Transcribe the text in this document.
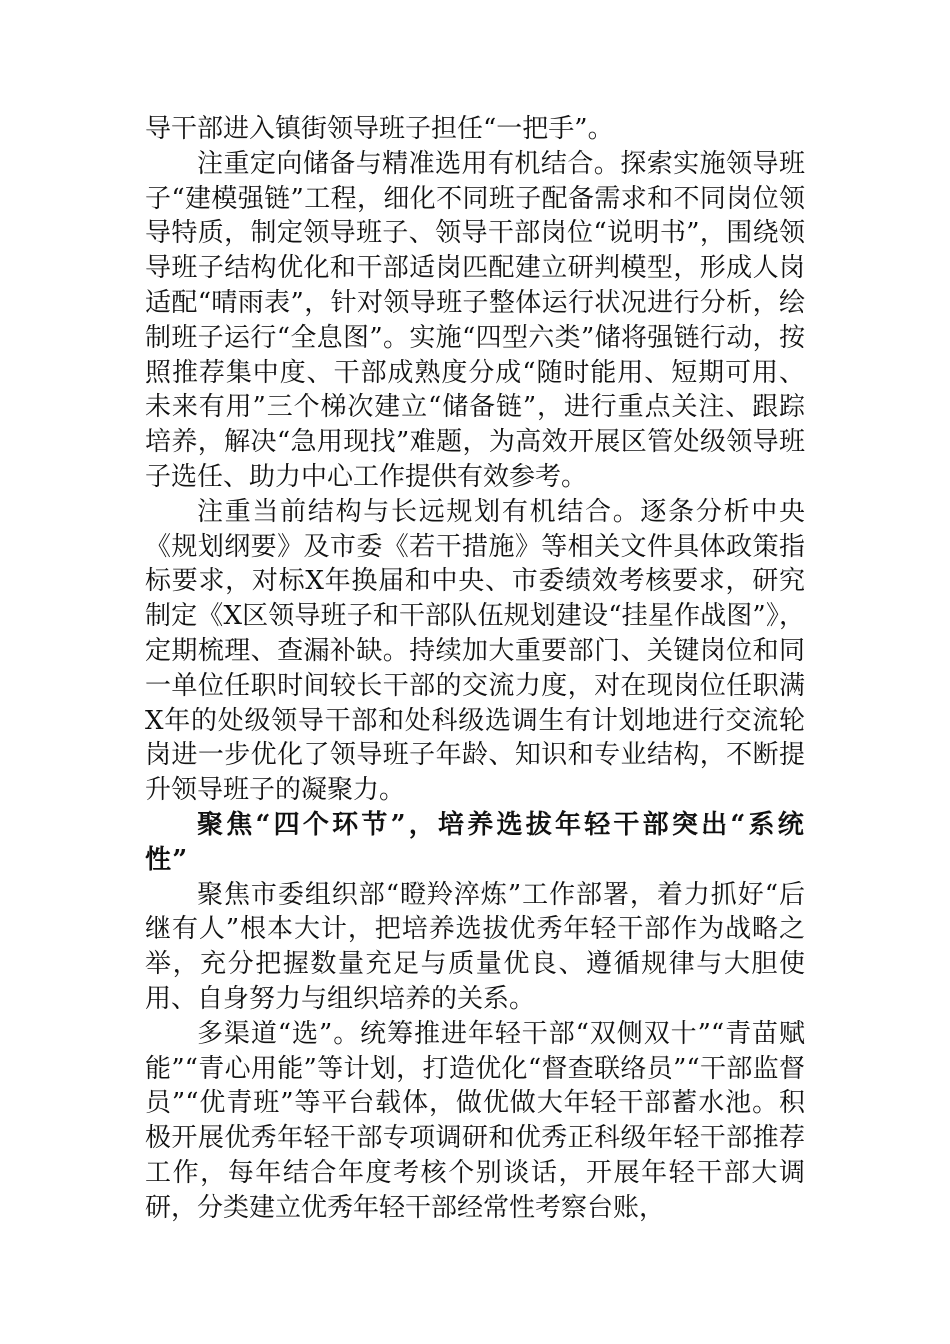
导干部进入镇街领导班子担任“一把手”。

注重定向储备与精准选用有机结合。探索实施领导班子“建模强链”工程，细化不同班子配备需求和不同岗位领导特质，制定领导班子、领导干部岗位“说明书”，围绕领导班子结构优化和干部适岗匹配建立研判模型，形成人岗适配“晴雨表”，针对领导班子整体运行状况进行分析，绘制班子运行“全息图”。实施“四型六类”储将强链行动，按照推荐集中度、干部成熟度分成“随时能用、短期可用、未来有用”三个梯次建立“储备链”，进行重点关注、跟踪培养，解决“急用现找”难题，为高效开展区管处级领导班子选任、助力中心工作提供有效参考。

注重当前结构与长远规划有机结合。逐条分析中央《规划纲要》及市委《若干措施》等相关文件具体政策指标要求，对标X年换届和中央、市委绩效考核要求，研究制定《X区领导班子和干部队伍规划建设“挂星作战图”》，定期梳理、查漏补缺。持续加大重要部门、关键岗位和同一单位任职时间较长干部的交流力度，对在现岗位任职满X年的处级领导干部和处科级选调生有计划地进行交流轮岗进一步优化了领导班子年龄、知识和专业结构，不断提升领导班子的凝聚力。

聚焦“四个环节”，培养选拔年轻干部突出“系统性”

聚焦市委组织部“瞪羚淬炼”工作部署，着力抓好“后继有人”根本大计，把培养选拔优秀年轻干部作为战略之举，充分把握数量充足与质量优良、遵循规律与大胆使用、自身努力与组织培养的关系。

多渠道“选”。统筹推进年轻干部“双侧双十”“青苗赋能”“青心用能”等计划，打造优化“督查联络员”“干部监督员”“优青班”等平台载体，做优做大年轻干部蓄水池。积极开展优秀年轻干部专项调研和优秀正科级年轻干部推荐工作，每年结合年度考核个别谈话，开展年轻干部大调研，分类建立优秀年轻干部经常性考察台账，
